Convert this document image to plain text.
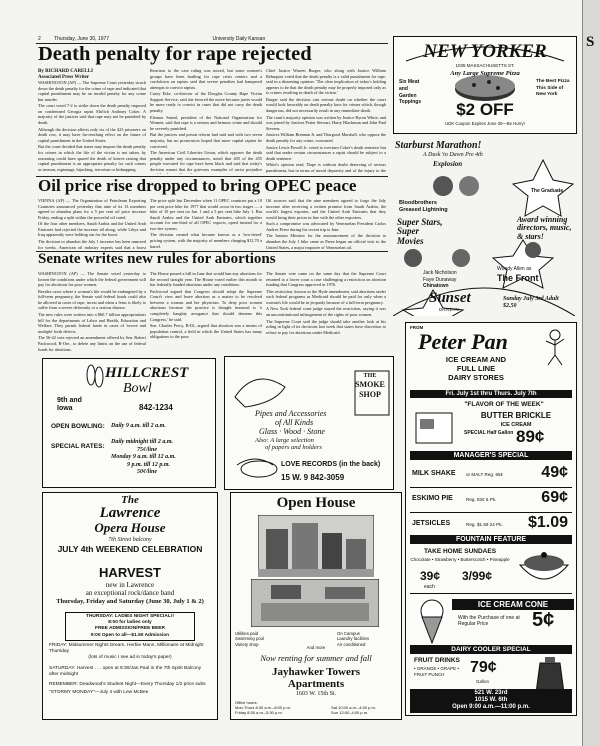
2	Thursday, June 30, 1977	University Daily Kansan
Death penalty for rape rejected
By RICHARD CARELLI
Associated Press Writer

WASHINGTON (AP) — The Supreme Court yesterday struck down the death penalty for the crime of rape and indicated that capital punishment may be an invalid penalty for any crime but murder.

The court voted 7-2 to strike down the death penalty imposed on condemned Georgia rapist Ehrlich Anthony Coker. A majority of the justices said that rape may not be punished by death.

Although the decision affects only six of the 423 prisoners on death row, it may have far-reaching effect on the future of capital punishment in the United States.

But the court decided that states may impose the death penalty for crimes in which the life of the victim is not taken, by reasoning could have spared the death of knives raising that capital punishment is an appropriate penalty for such crimes as treason, espionage, hijacking, terrorism or kidnapping.

Reaction to the case ruling was mixed, but some women's groups have been battling for rape crisis centers and a crackdown on rapists said that severe penalties had hampered attempts to convict rapists.

Casey Eike, co-director of the Douglas County Rape Victim Support Service, said she favored the move because juries would be more ready to convict in cases that did not carry the death penalty.

Eleanor Smeal, president of the National Organization for Women, said that rape is a serious and heinous crime and should be severely punished.

But the justices and prison reform had said and with two seven majority, but no prosecutors hoped that more capital rapists be convicted.

The American Civil Liberties Union, which opposes the death penalty under any circumstances, noted that 405 of the 455 people executed for rape have been black and said that today's decision meant that the grievous examples of racist prejudice

Chief Justice Warren Burger, who along with Justice William Rehnquist voted that the death penalty is a valid punishment for rape, said in a dissenting opinion: 'The clear implication of today's holding appears to be that the death penalty may be properly imposed only as to crimes resulting in death of the victim.'

Burger said the decision cast serious doubt on whether the court would look favorably on death penalty laws for crimes which, though dangerous, did not necessarily result in any immediate death.

The court's majority opinion was written by Justice Byron White, and was joined by Justices Potter Stewart, Harry Blackmun and John Paul Stevens.

Justices William Brennan Jr. and Thurgood Marshall, who oppose the death penalty for any crime, concurred.

Justice Lewis Powell Jr. voted to overturn Coker's death sentence but said that under certain circumstances a rapist should be subject to a death sentence.

White's opinion read, 'Rape is without doubt deserving of serious punishment, but in terms of moral depravity and of the injury to the

Oil price rise dropped to bring OPEC peace

VIENNA (AP) — The Organization of Petroleum Exporting Countries announced yesterday that nine of its 13 members agreed to abandon plans for a 5 per cent oil price increase Friday, ending a split within the powerful oil cartel.

Of the four other members, Saudi Arabia and the United Arab Emirates had rejected the increase all along, while Libya and Iraq apparently were holding out for the boost.

The decision to abandon the July 1 increase has been rumored for weeks. American oil industry experts said that a boost

The price split last December when 11 OPEC countries put a 10 per cent price hike for 1977 that would occur in two stages — a hike of 10 per cent on Jan. 1 and a 5 per cent hike July 1. But Saudi Arabia and the United Arab Emirates, which together account for one-third of all OPEC exports, opted instead for a two-tier system.

The division created what became known as a 'two-tiered' pricing system, with the majority of members charging $12.70 a barrel.

Oil sources said that the nine members agreed to forgo the July increase after receiving a written promise from Saudi Arabia, the world's largest exporter, and the United Arab Emirates that they would bring their prices in line with the other exporters.

Such a compromise was advocated by Venezuelan President Carlos Andres Perez during his recent trip to Iran.

The Iranian Minister for the announcement of the decision to abandon the July 1 hike came as Perez began an official visit to the United States, a major importer of Venezuelan oil.

Senate writes new rules for abortions

WASHINGTON (AP) — The Senate voted yesterday to loosen the conditions under which the federal government will pay for abortions for poor women.

Besides cases where a woman's life would be endangered by a full-term pregnancy, the Senate said federal funds could also be allowed in cases of rape, incest and when a fetus is likely to suffer from a severe deformity or a serious disease.

The new rules were written into a $60.7 billion appropriations bill for the departments of Labor and Health, Education and Welfare. They permit federal funds in cases of 'severe and multiple' birth defects.

The 56-42 vote rejected an amendment offered by Sen. Robert Packwood, R-Ore., to delete any limits on the use of federal funds for abortions.

The House passed a bill in June that would ban any abortions for the second straight year. The House voted earlier this month to bar federally funded abortions under any conditions.

Packwood argued that Congress should adopt the Supreme Court's view and leave abortion as a matter to be resolved between a woman and her physician. To deny poor women abortions because the practice is thought immoral is 'a completely haughty arrogance that should demean this Congress,' he said.

Sen. Charles Percy, R-Ill., argued that abortion was a means of population control, a field in which the United States has many obligations to the poor.

The Senate vote came on the same day that the Supreme Court returned to a lower court a case challenging a restriction on abortion funding that Congress approved in 1976.

This restriction, known as the Hyde amendment, said abortions under such federal programs as Medicaid should be paid for only when a woman's life would be in jeopardy because of a full-term pregnancy.

A New York federal court judge stayed the restriction, saying it was an unconstitutional infringement of the rights of poor women.

The Supreme Court said the judge should take another look at his ruling in light of its decisions last week that states have discretion to refuse to pay for abortions under Medicaid.

NEW YORKER
1035 MASSACHUSETTS ST.
Six Meat
and
Garden
Toppings
Any Large Supreme Pizza
$2 OFF
UDK Coupon Expires June 30—Be Hurry!
The Best Pizza
This Side of
New York
Starburst Marathon!
A Dusk 'to Dawn Pre 4th
Explosion
Bloodbrothers
Greased Lightning
Super Stars, Super Movies
Award winning directors, music, & stars!
The Graduate
Jack Nicholson
Faye Dunaway
Chinatown
Woody Allen as
The Front
Sunset
DRIVE-IN
Sunday July 3rd Adult $2.50
HILLCREST
Bowl
9th and
Iowa	842-1234
OPEN BOWLING:	Daily 9 a.m. till 2 a.m.
SPECIAL RATES:
Daily midnight till 2 a.m.
75¢/line
Monday 9 a.m. till 12 a.m.
9 p.m. till 12 p.m.
50¢/line
THE
SMOKE
SHOP
Pipes and Accessories
of All Kinds
Glass · Wood · Stone
Also: A large selection
of papers and holders
LOVE RECORDS (in the back)
15 W. 9 842-3059
The
Lawrence
Opera House
7th Street balcony
JULY 4th WEEKEND CELEBRATION
HARVEST
new in Lawrence
an exceptional rock/dance band
Thursday, Friday and Saturday (June 30, July 1 & 2)
THURSDAY: LADIES NIGHT SPECIAL!!
8:00 for ladies only
FREE ADMISSION/FREE BEER
9:00 Open to all—$1.50 Admission
FRIDAY: Midsummer Nights Dream, Herbie Mann, Millionaire at Midnight Thursday
(lots of music I see ad in today's paper)
SATURDAY: Harvest . . . open at 8:30/Jan Paul in the 7th Spirit Balcony after midnight
REMEMBER: Deadwood's Student Night—Every Thursday 1/2 price subs
"STORMY MONDAY"—July 4 with Lew McBee
Open House
Utilities paid
Swimming pool
Variety shop
On Campus
Laundry facilities
Air conditioned
And more
Now renting for summer and fall
Jayhawker Towers
Apartments
1603 W. 15th St.
Office hours:
Mon-Thurs 8:30 a.m.–8:00 p.m.
Friday 8:30 a.m.–5:30 p.m.
Sat 10:00 a.m.–4:00 p.m.
Sun 12:00–4:00 p.m.
FROM
Peter Pan
ICE CREAM AND
FULL LINE
DAIRY STORES
Fri. July 1st thru Thurs. July 7th
"FLAVOR OF THE WEEK"
BUTTER BRICKLE
ICE CREAM
SPECIAL Half Gallon 89¢
MANAGER'S SPECIAL
MILK SHAKE or MALT Reg. 65¢ 49¢
ESKIMO PIE	Reg. 83¢ 6 Pk.	69¢
JETSICLES	Reg. $1.59 24 Pk. $1.09
FOUNTAIN FEATURE
TAKE HOME SUNDAES
Chocolate • Strawberry • Butterscotch • Pineapple
39¢
each
3/99¢
ICE CREAM CONE
With the Purchase of one at Regular Price	5¢
DAIRY COOLER SPECIAL
FRUIT DRINKS
• ORANGE • GRAPE • FRUIT PUNCH	79¢
Gallon
521 W. 23rd
1015 W. 6th
Open 9:00 a.m.—11:00 p.m.
S
